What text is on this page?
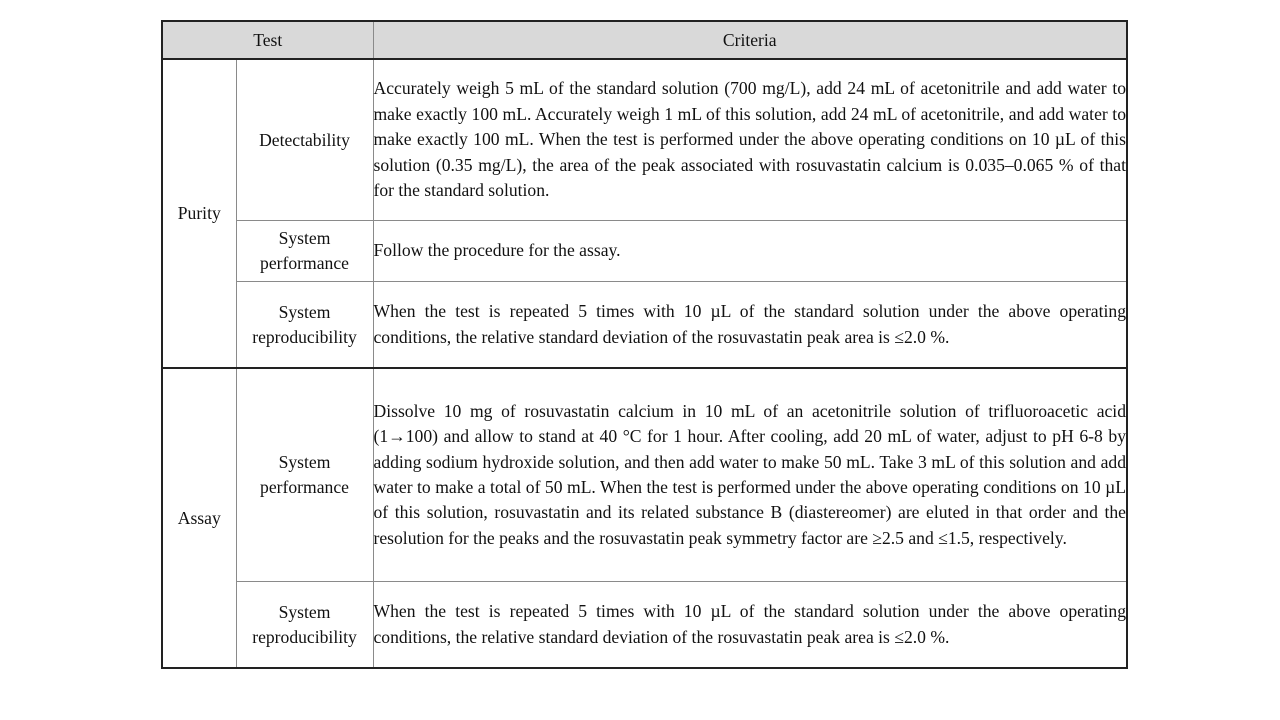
Test		Criteria
Purity	Detectability	Accurately weigh 5 mL of the standard solution (700 mg/L), add 24 mL of acetonitrile and add water to make exactly 100 mL. Accurately weigh 1 mL of this solution, add 24 mL of acetonitrile, and add water to make exactly 100 mL. When the test is performed under the above operating conditions on 10 µL of this solution (0.35 mg/L), the area of the peak associated with rosuvastatin calcium is 0.035–0.065 % of that for the standard solution.
	System performance	Follow the procedure for the assay.
	System reproducibility	When the test is repeated 5 times with 10 µL of the standard solution under the above operating conditions, the relative standard deviation of the rosuvastatin peak area is ≤2.0 %.
Assay	System performance	Dissolve 10 mg of rosuvastatin calcium in 10 mL of an acetonitrile solution of trifluoroacetic acid (1→100) and allow to stand at 40 °C for 1 hour. After cooling, add 20 mL of water, adjust to pH 6-8 by adding sodium hydroxide solution, and then add water to make 50 mL. Take 3 mL of this solution and add water to make a total of 50 mL. When the test is performed under the above operating conditions on 10 µL of this solution, rosuvastatin and its related substance B (diastereomer) are eluted in that order and the resolution for the peaks and the rosuvastatin peak symmetry factor are ≥2.5 and ≤1.5, respectively.
	System reproducibility	When the test is repeated 5 times with 10 µL of the standard solution under the above operating conditions, the relative standard deviation of the rosuvastatin peak area is ≤2.0 %.
